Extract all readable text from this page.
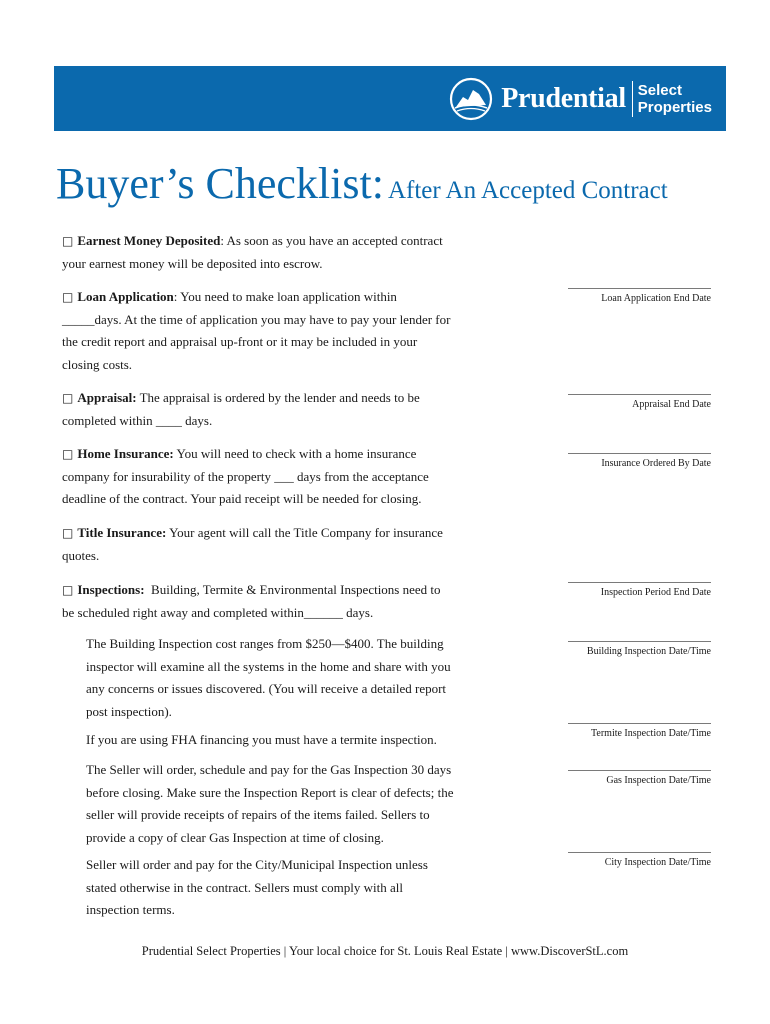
Prudential Select
Properties
Buyer’s Checklist: After An Accepted Contract
□ Earnest Money Deposited: As soon as you have an accepted contract
your earnest money will be deposited into escrow.
□ Loan Application: You need to make loan application within
_____days. At the time of application you may have to pay your lender for
the credit report and appraisal up-front or it may be included in your
closing costs.
□ Appraisal: The appraisal is ordered by the lender and needs to be
completed within ____ days.
□ Home Insurance: You will need to check with a home insurance
company for insurability of the property ___ days from the acceptance
deadline of the contract. Your paid receipt will be needed for closing.
□ Title Insurance: Your agent will call the Title Company for insurance
quotes.
□ Inspections:  Building, Termite & Environmental Inspections need to
be scheduled right away and completed within______ days.
The Building Inspection cost ranges from $250—$400. The building
inspector will examine all the systems in the home and share with you
any concerns or issues discovered. (You will receive a detailed report
post inspection).
If you are using FHA financing you must have a termite inspection.
The Seller will order, schedule and pay for the Gas Inspection 30 days
before closing. Make sure the Inspection Report is clear of defects; the
seller will provide receipts of repairs of the items failed. Sellers to
provide a copy of clear Gas Inspection at time of closing.
Seller will order and pay for the City/Municipal Inspection unless
stated otherwise in the contract. Sellers must comply with all
inspection terms.
Loan Application End Date
Appraisal End Date
Insurance Ordered By Date
Inspection Period End Date
Building Inspection Date/Time
Termite Inspection Date/Time
Gas Inspection Date/Time
City Inspection Date/Time
Prudential Select Properties | Your local choice for St. Louis Real Estate | www.DiscoverStL.com
